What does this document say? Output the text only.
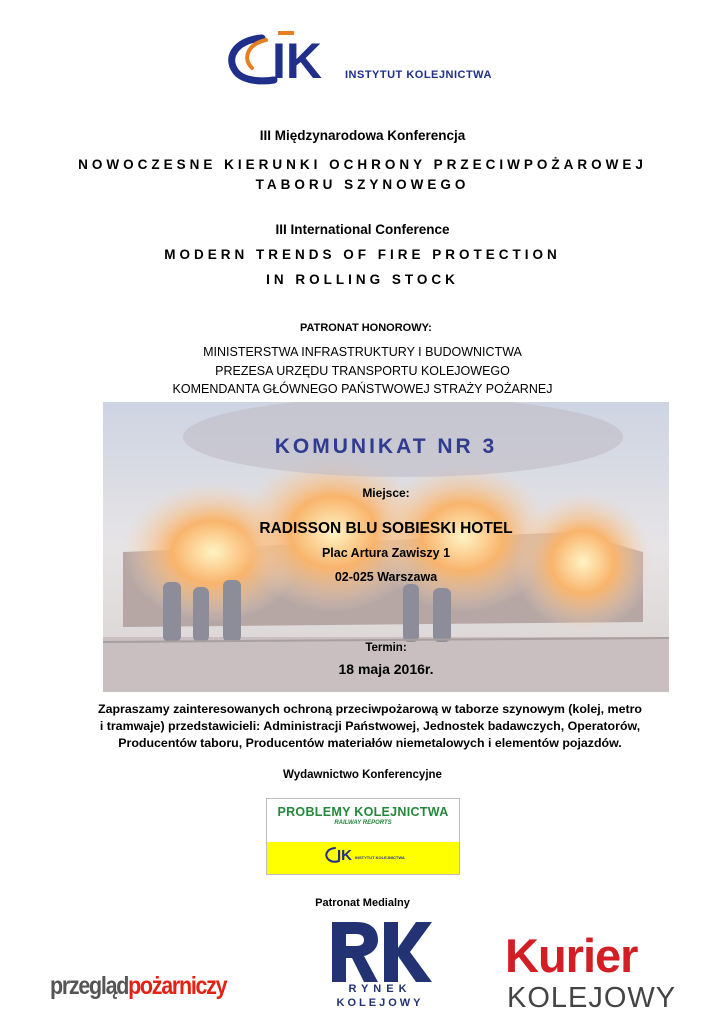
IK INSTYTUT KOLEJNICTWA
III Międzynarodowa Konferencja
NOWOCZESNE KIERUNKI OCHRONY PRZECIWPOŻAROWEJ
TABORU SZYNOWEGO
III International Conference
MODERN TRENDS OF FIRE PROTECTION
IN ROLLING STOCK
PATRONAT HONOROWY:
MINISTERSTWA INFRASTRUKTURY I BUDOWNICTWA
PREZESA URZĘDU TRANSPORTU KOLEJOWEGO
KOMENDANTA GŁÓWNEGO PAŃSTWOWEJ STRAŻY POŻARNEJ
KOMUNIKAT NR 3
Miejsce:
RADISSON BLU SOBIESKI HOTEL
Plac Artura Zawiszy 1
02-025 Warszawa
Termin:
18 maja 2016r.
Zapraszamy zainteresowanych ochroną przeciwpożarową w taborze szynowym (kolej, metro
i tramwaje) przedstawicieli: Administracji Państwowej, Jednostek badawczych, Operatorów,
Producentów taboru, Producentów materiałów niemetalowych i elementów pojazdów.
Wydawnictwo Konferencyjne
PROBLEMY KOLEJNICTWA
RAILWAY REPORTS
IK INSTYTUT KOLEJNICTWA
Patronat Medialny
przeglądpożarniczy	RYNEK
KOLEJOWY
Kurier
KOLEJOWY
